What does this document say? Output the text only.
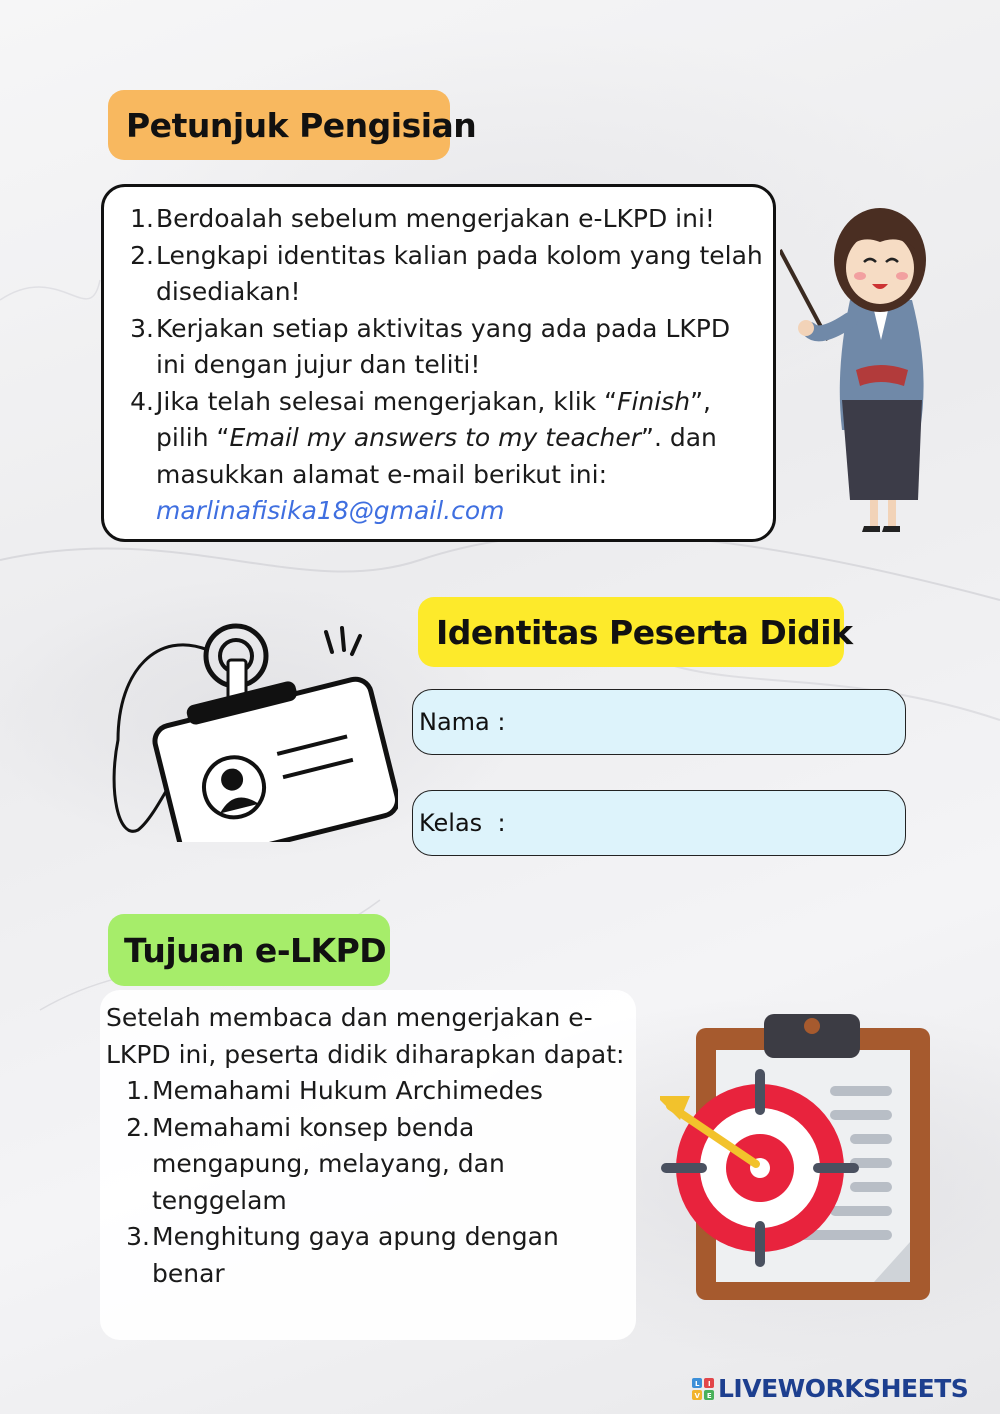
Petunjuk Pengisian
1. Berdoalah sebelum mengerjakan e-LKPD ini!
2. Lengkapi identitas kalian pada kolom yang telah disediakan!
3. Kerjakan setiap aktivitas yang ada pada LKPD ini dengan jujur dan teliti!
4. Jika telah selesai mengerjakan, klik “Finish”, pilih “Email my answers to my teacher”. dan masukkan alamat e-mail berikut ini:
marlinafisika18@gmail.com
Identitas Peserta Didik
Nama :
Kelas  :
Tujuan e-LKPD

Setelah membaca dan mengerjakan e-LKPD ini, peserta didik diharapkan dapat:

1. Memahami Hukum Archimedes
2. Memahami konsep benda mengapung, melayang, dan tenggelam
3. Menghitung gaya apung dengan benar
L I
V E LIVEWORKSHEETS
